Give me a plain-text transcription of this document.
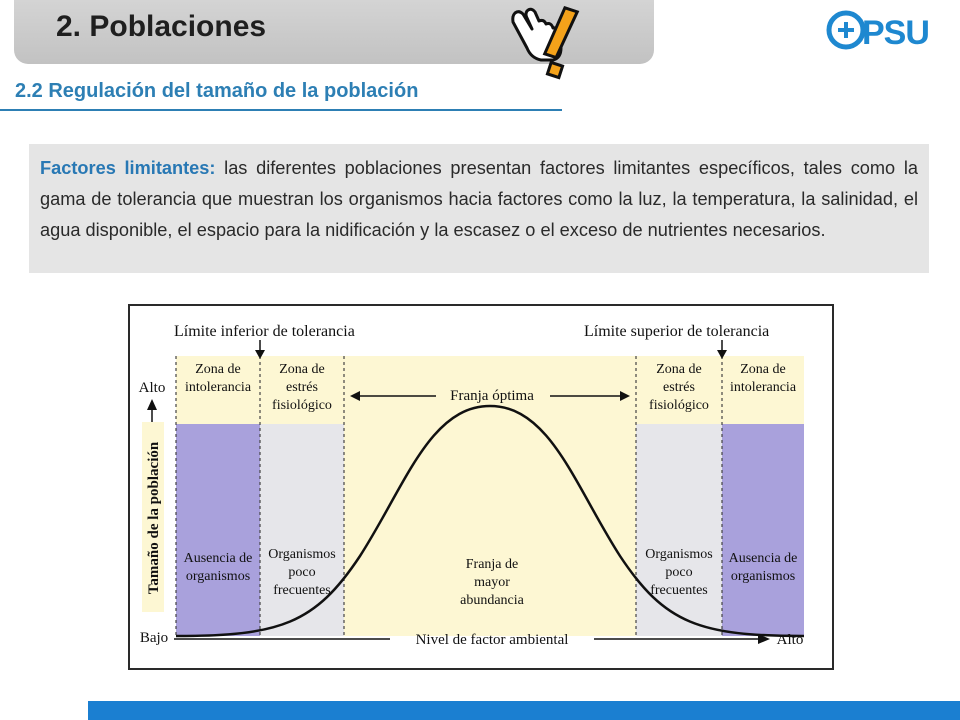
2. Poblaciones	PSU
2.2 Regulación del tamaño de la población
Factores limitantes: las diferentes poblaciones presentan factores limitantes específicos, tales como la gama de tolerancia que muestran los organismos hacia factores como la luz, la temperatura, la salinidad, el agua disponible, el espacio para la nidificación y la escasez o el exceso de nutrientes necesarios.
Límite inferior de tolerancia	Límite superior de tolerancia
Zona de
intolerancia
Zona de
estrés
fisiológico
Zona de
estrés
fisiológico
Zona de
intolerancia
Franja óptima
Ausencia de
organismos
Organismos
poco
frecuentes
Franja de
mayor
abundancia
Organismos
poco
frecuentes
Ausencia de
organismos
Alto
Tamaño de la población
Bajo	Nivel de factor ambiental	Alto
